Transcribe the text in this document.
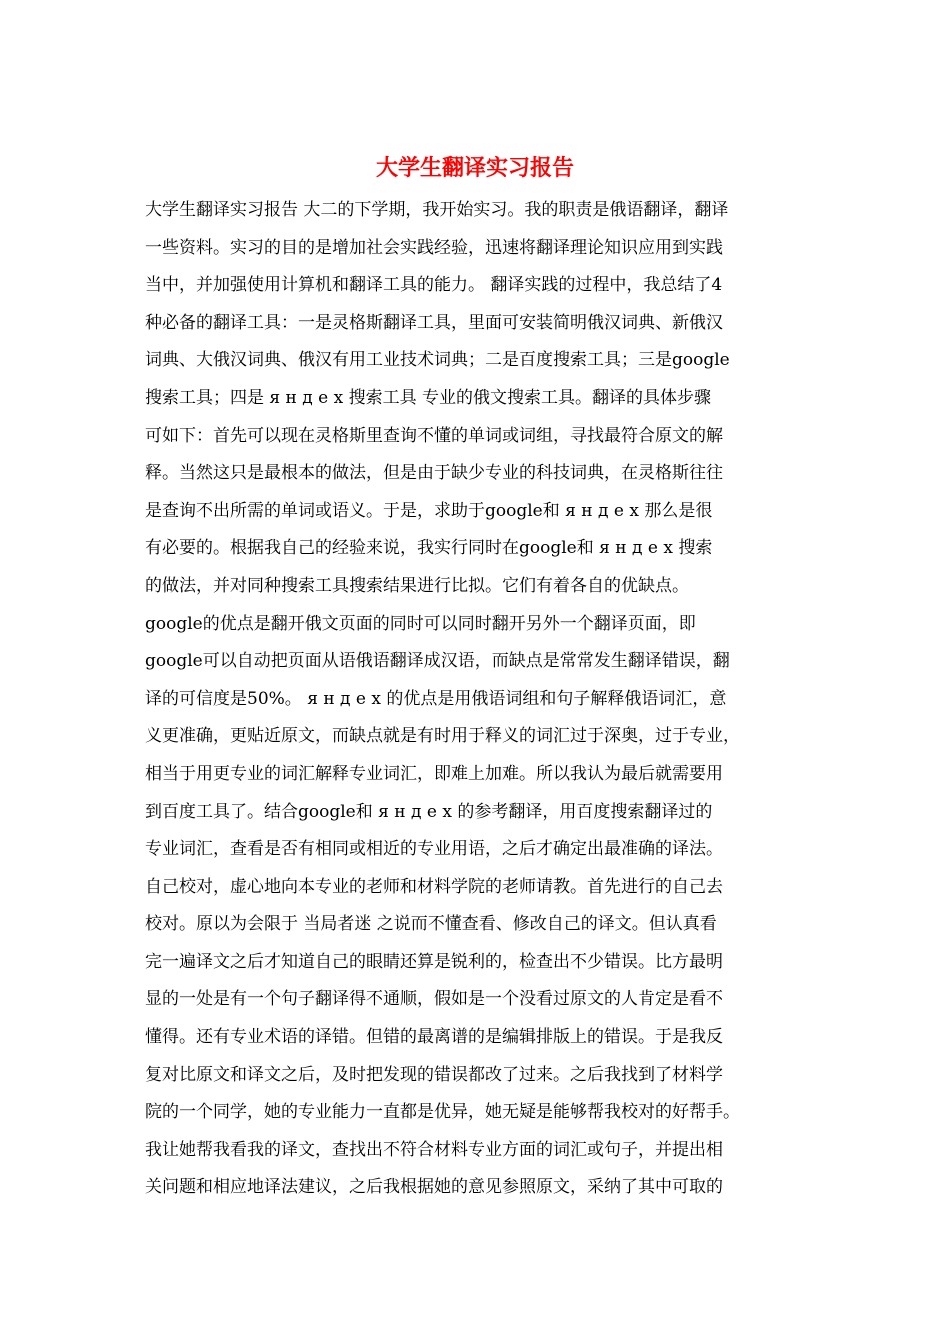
大学生翻译实习报告
大学生翻译实习报告 大二的下学期，我开始实习。我的职责是俄语翻译，翻译
一些资料。实习的目的是增加社会实践经验，迅速将翻译理论知识应用到实践
当中，并加强使用计算机和翻译工具的能力。 翻译实践的过程中，我总结了4
种必备的翻译工具：一是灵格斯翻译工具，里面可安装简明俄汉词典、新俄汉
词典、大俄汉词典、俄汉有用工业技术词典；二是百度搜索工具；三是google
搜索工具；四是 я н д е х 搜索工具 专业的俄文搜索工具。翻译的具体步骤
可如下：首先可以现在灵格斯里查询不懂的单词或词组，寻找最符合原文的解
释。当然这只是最根本的做法，但是由于缺少专业的科技词典，在灵格斯往往
是查询不出所需的单词或语义。于是，求助于google和 я н д е х 那么是很
有必要的。根据我自己的经验来说，我实行同时在google和 я н д е х 搜索
的做法，并对同种搜索工具搜索结果进行比拟。它们有着各自的优缺点。
google的优点是翻开俄文页面的同时可以同时翻开另外一个翻译页面，即
google可以自动把页面从语俄语翻译成汉语，而缺点是常常发生翻译错误，翻
译的可信度是50%。 я н д е х 的优点是用俄语词组和句子解释俄语词汇，意
义更准确，更贴近原文，而缺点就是有时用于释义的词汇过于深奥，过于专业，
相当于用更专业的词汇解释专业词汇，即难上加难。所以我认为最后就需要用
到百度工具了。结合google和 я н д е х 的参考翻译，用百度搜索翻译过的
专业词汇，查看是否有相同或相近的专业用语，之后才确定出最准确的译法。
自己校对，虚心地向本专业的老师和材料学院的老师请教。首先进行的自己去
校对。原以为会限于 当局者迷 之说而不懂查看、修改自己的译文。但认真看
完一遍译文之后才知道自己的眼睛还算是锐利的，检查出不少错误。比方最明
显的一处是有一个句子翻译得不通顺，假如是一个没看过原文的人肯定是看不
懂得。还有专业术语的译错。但错的最离谱的是编辑排版上的错误。于是我反
复对比原文和译文之后，及时把发现的错误都改了过来。之后我找到了材料学
院的一个同学，她的专业能力一直都是优异，她无疑是能够帮我校对的好帮手。
我让她帮我看我的译文，查找出不符合材料专业方面的词汇或句子，并提出相
关问题和相应地译法建议，之后我根据她的意见参照原文，采纳了其中可取的
